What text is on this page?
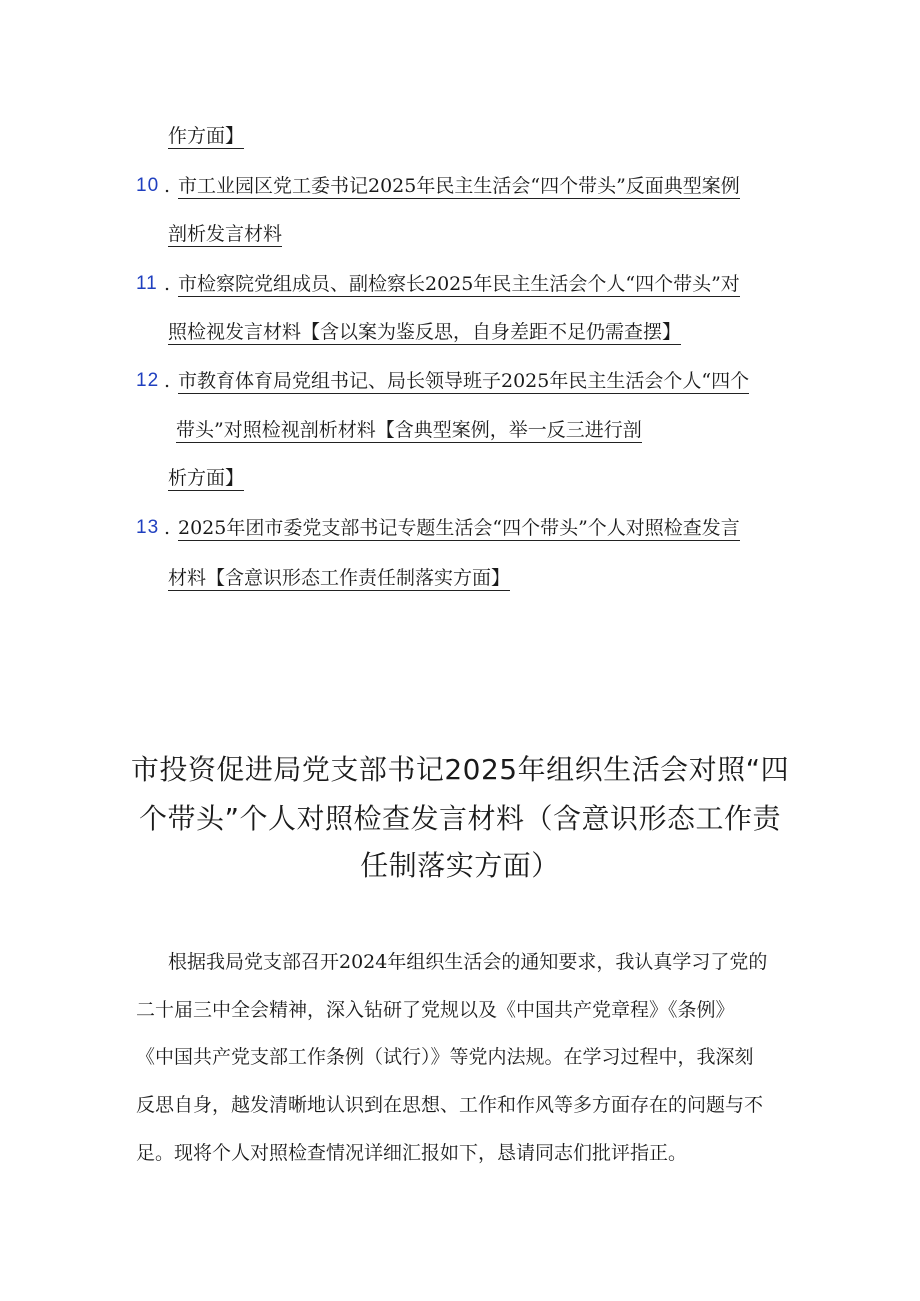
作方面】
10 . 市工业园区党工委书记2025年民主生活会“四个带头”反面典型案例
剖析发言材料
11 . 市检察院党组成员、副检察长2025年民主生活会个人“四个带头”对
照检视发言材料【含以案为鉴反思，自身差距不足仍需查摆】
12 . 市教育体育局党组书记、局长领导班子2025年民主生活会个人“四个
带头”对照检视剖析材料【含典型案例，举一反三进行剖
析方面】
13 . 2025年团市委党支部书记专题生活会“四个带头”个人对照检查发言
材料【含意识形态工作责任制落实方面】
市投资促进局党支部书记2025年组织生活会对照“四
个带头”个人对照检查发言材料（含意识形态工作责
任制落实方面）
根据我局党支部召开2024年组织生活会的通知要求，我认真学习了党的
二十届三中全会精神，深入钻研了党规以及《中国共产党章程》《条例》
《中国共产党支部工作条例（试行）》等党内法规。在学习过程中，我深刻
反思自身，越发清晰地认识到在思想、工作和作风等多方面存在的问题与不
足。现将个人对照检查情况详细汇报如下，恳请同志们批评指正。
